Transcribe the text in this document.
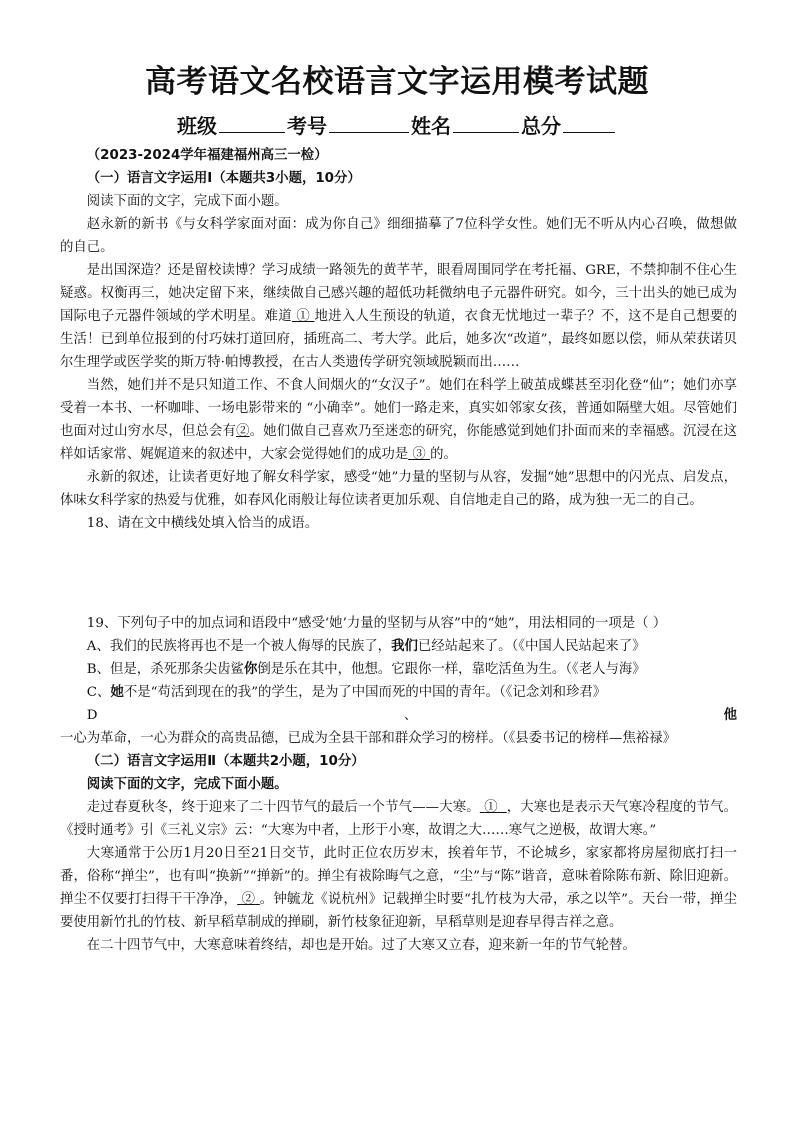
高考语文名校语言文字运用模考试题
班级	考号	姓名	总分

（2023-2024学年福建福州高三一检）

（一）语言文字运用Ⅰ（本题共3小题，10分）

阅读下面的文字，完成下面小题。

赵永新的新书《与女科学家面对面：成为你自己》细细描摹了7位科学女性。她们无不听从内心召唤，做想做的自己。

是出国深造？还是留校读博？学习成绩一路领先的黄芊芊，眼看周围同学在考托福、GRE，不禁抑制不住心生疑惑。权衡再三，她决定留下来，继续做自己感兴趣的超低功耗微纳电子元器件研究。如今，三十出头的她已成为国际电子元器件领域的学术明星。难道 ① 地进入人生预设的轨道，衣食无忧地过一辈子？不，这不是自己想要的生活！已到单位报到的付巧妹打道回府，插班高二、考大学。此后，她多次“改道”，最终如愿以偿，师从荣获诺贝尔生理学或医学奖的斯万特·帕博教授，在古人类遗传学研究领域脱颖而出……

当然，她们并不是只知道工作、不食人间烟火的“女汉子”。她们在科学上破茧成蝶甚至羽化登“仙”；她们亦享受着一本书、一杯咖啡、一场电影带来的 “小确幸”。她们一路走来，真实如邻家女孩，普通如隔壁大姐。尽管她们也面对过山穷水尽，但总会有②。她们做自己喜欢乃至迷恋的研究，你能感觉到她们扑面而来的幸福感。沉浸在这样如话家常、娓娓道来的叙述中，大家会觉得她们的成功是 ③ 的。

永新的叙述，让读者更好地了解女科学家，感受“她”力量的坚韧与从容，发掘“她”思想中的闪光点、启发点，体味女科学家的热爱与优雅，如春风化雨般让每位读者更加乐观、自信地走自己的路，成为独一无二的自己。

18、请在文中横线处填入恰当的成语。

19、下列句子中的加点词和语段中“感受‘她’力量的坚韧与从容”中的“她”，用法相同的一项是（ ）

A、我们的民族将再也不是一个被人侮辱的民族了，我们已经站起来了。（《中国人民站起来了》

B、但是，杀死那条尖齿鲨你倒是乐在其中，他想。它跟你一样，靠吃活鱼为生。（《老人与海》

C、她不是“苟活到现在的我”的学生，是为了中国而死的中国的青年。（《记念刘和珍君》

D、他一心为革命，一心为群众的高贵品德，已成为全县干部和群众学习的榜样。（《县委书记的榜样—焦裕禄》

（二）语言文字运用Ⅱ（本题共2小题，10分）

阅读下面的文字，完成下面小题。

走过春夏秋冬，终于迎来了二十四节气的最后一个节气——大寒。 ① ，大寒也是表示天气寒冷程度的节气。《授时通考》引《三礼义宗》云：“大寒为中者，上形于小寒，故谓之大……寒气之逆极，故谓大寒。”

大寒通常于公历1月20日至21日交节，此时正位农历岁末，挨着年节，不论城乡，家家都将房屋彻底打扫一番，俗称“掸尘”，也有叫“换新”“掸新”的。掸尘有祓除晦气之意，“尘”与“陈”谐音，意味着除陈布新、除旧迎新。掸尘不仅要打扫得干干净净， ② 。钟毓龙《说杭州》记载掸尘时要“扎竹枝为大帚，承之以竿”。天台一带，掸尘要使用新竹扎的竹枝、新早稻草制成的掸刷，新竹枝象征迎新，早稻草则是迎春早得吉祥之意。

在二十四节气中，大寒意味着终结，却也是开始。过了大寒又立春，迎来新一年的节气轮替。
